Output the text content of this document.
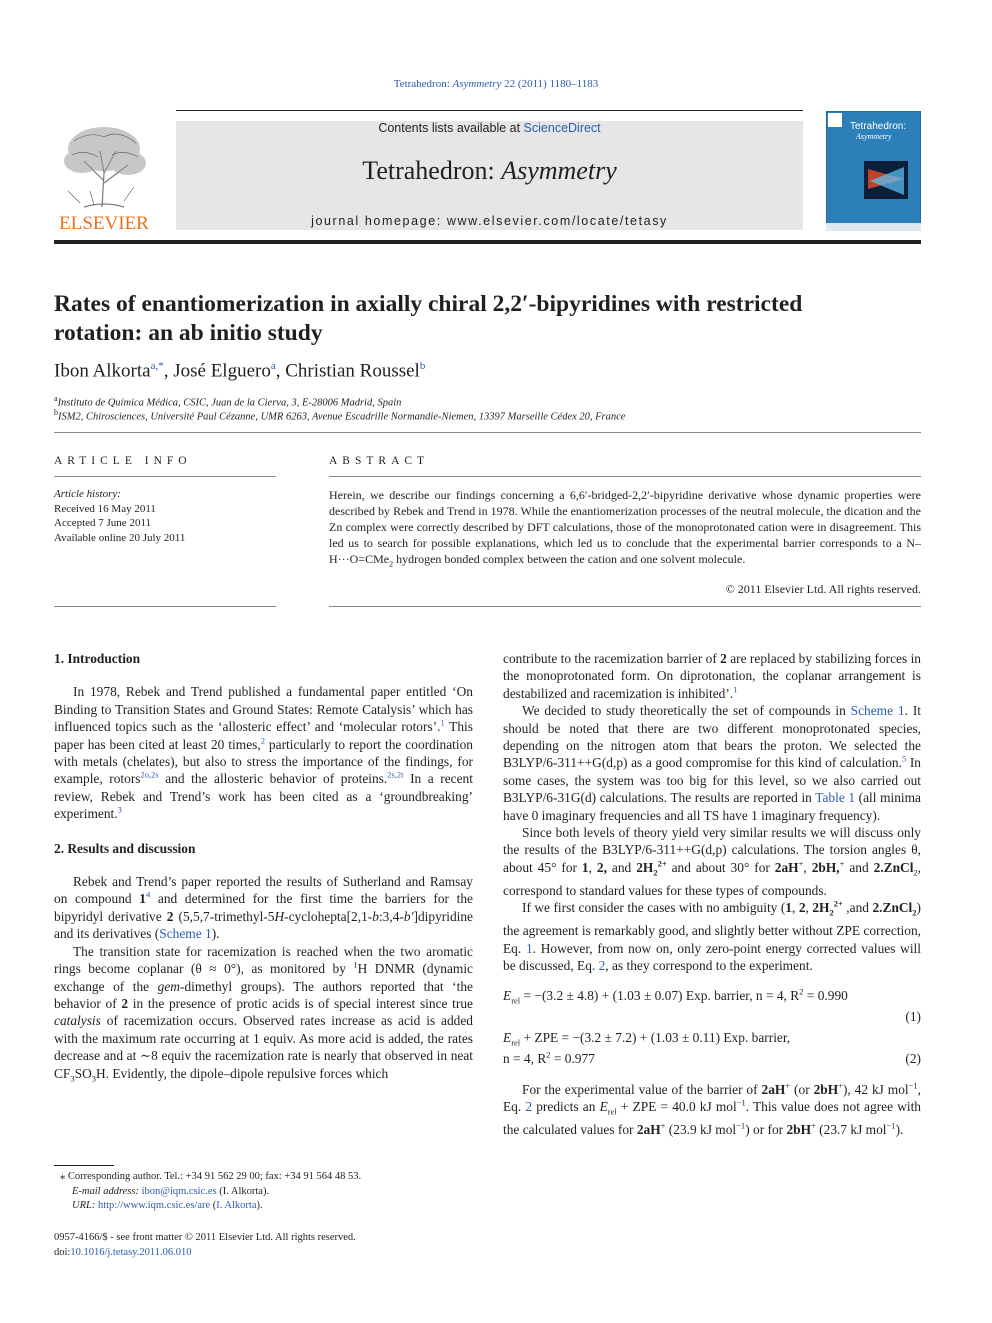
Tetrahedron: Asymmetry 22 (2011) 1180–1183
Contents lists available at ScienceDirect
Tetrahedron: Asymmetry
journal homepage: www.elsevier.com/locate/tetasy
ELSEVIER
Tetrahedron:
Asymmetry
Rates of enantiomerization in axially chiral 2,2′-bipyridines with restricted
rotation: an ab initio study
Ibon Alkorta$^{a,*}$, José Elguero$^a$, Christian Roussel$^b$
$^a$Instituto de Química Médica, CSIC, Juan de la Cierva, 3, E-28006 Madrid, Spain
$^b$ISM2, Chirosciences, Université Paul Cézanne, UMR 6263, Avenue Escadrille Normandie-Niemen, 13397 Marseille Cédex 20, France
ARTICLE INFO
Article history:
Received 16 May 2011
Accepted 7 June 2011
Available online 20 July 2011
ABSTRACT
Herein, we describe our findings concerning a 6,6′-bridged-2,2′-bipyridine derivative whose dynamic properties were described by Rebek and Trend in 1978. While the enantiomerization processes of the neutral molecule, the dication and the Zn complex were correctly described by DFT calculations, those of the monoprotonated cation were in disagreement. This led us to search for possible explanations, which led us to conclude that the experimental barrier corresponds to a N–H···O=CMe$_2$ hydrogen bonded complex between the cation and one solvent molecule.
© 2011 Elsevier Ltd. All rights reserved.
1. Introduction

In 1978, Rebek and Trend published a fundamental paper entitled ‘On Binding to Transition States and Ground States: Remote Catalysis’ which has influenced topics such as the ‘allosteric effect’ and ‘molecular rotors’.$^1$ This paper has been cited at least 20 times,$^2$ particularly to report the coordination with metals (chelates), but also to stress the importance of the findings, for example, rotors$^{2o,2s}$ and the allosteric behavior of proteins.$^{2s,2t}$ In a recent review, Rebek and Trend’s work has been cited as a ‘groundbreaking’ experiment.$^3$

2. Results and discussion

Rebek and Trend’s paper reported the results of Sutherland and Ramsay on compound $1^4$ and determined for the first time the barriers for the bipyridyl derivative 2 (5,5,7-trimethyl-5H-cyclohepta[2,1-b:3,4-b′]dipyridine and its derivatives (Scheme 1).

The transition state for racemization is reached when the two aromatic rings become coplanar (θ ≈ 0°), as monitored by $^1$H DNMR (dynamic exchange of the gem-dimethyl groups). The authors reported that ‘the behavior of 2 in the presence of protic acids is of special interest since true catalysis of racemization occurs. Observed rates increase as acid is added with the maximum rate occurring at 1 equiv. As more acid is added, the rates decrease and at ∼8 equiv the racemization rate is nearly that observed in neat $CF_3SO_3H$. Evidently, the dipole–dipole repulsive forces which

⁎ Corresponding author. Tel.: +34 91 562 29 00; fax: +34 91 564 48 53.
E-mail address: ibon@iqm.csic.es (I. Alkorta).
URL: http://www.iqm.csic.es/are (I. Alkorta).
0957-4166/$ - see front matter © 2011 Elsevier Ltd. All rights reserved.
doi:10.1016/j.tetasy.2011.06.010

contribute to the racemization barrier of 2 are replaced by stabilizing forces in the monoprotonated form. On diprotonation, the coplanar arrangement is destabilized and racemization is inhibited’.$^1$

We decided to study theoretically the set of compounds in Scheme 1. It should be noted that there are two different monoprotonated species, depending on the nitrogen atom that bears the proton. We selected the B3LYP/6-311++G(d,p) as a good compromise for this kind of calculation.$^5$ In some cases, the system was too big for this level, so we also carried out B3LYP/6-31G(d) calculations. The results are reported in Table 1 (all minima have 0 imaginary frequencies and all TS have 1 imaginary frequency).

Since both levels of theory yield very similar results we will discuss only the results of the B3LYP/6-311++G(d,p) calculations. The torsion angles θ, about 45° for 1, 2, and $2H_2^{2+}$ and about 30° for 2aH+, 2bH,+ and 2.ZnCl$_2$, correspond to standard values for these types of compounds.

If we first consider the cases with no ambiguity (1, 2, $2H_2^{2+}$ ,and 2.ZnCl$_2$) the agreement is remarkably good, and slightly better without ZPE correction, Eq. 1. However, from now on, only zero-point energy corrected values will be discussed, Eq. 2, as they correspond to the experiment.

$E_{rel} = -(3.2 \pm 4.8) + (1.03 \pm 0.07)$ Exp. barrier, n = 4, $R^2 = 0.990$
(1)
$E_{rel}$ + ZPE = −(3.2 ± 7.2) + (1.03 ± 0.11) Exp. barrier,
n = 4, $R^2 = 0.977$	(2)

For the experimental value of the barrier of 2aH+ (or 2bH+), 42 kJ mol$^{-1}$, Eq. 2 predicts an $E_{rel}$ + ZPE = 40.0 kJ mol$^{-1}$. This value does not agree with the calculated values for 2aH+ (23.9 kJ mol$^{-1}$) or for 2bH+ (23.7 kJ mol$^{-1}$).
